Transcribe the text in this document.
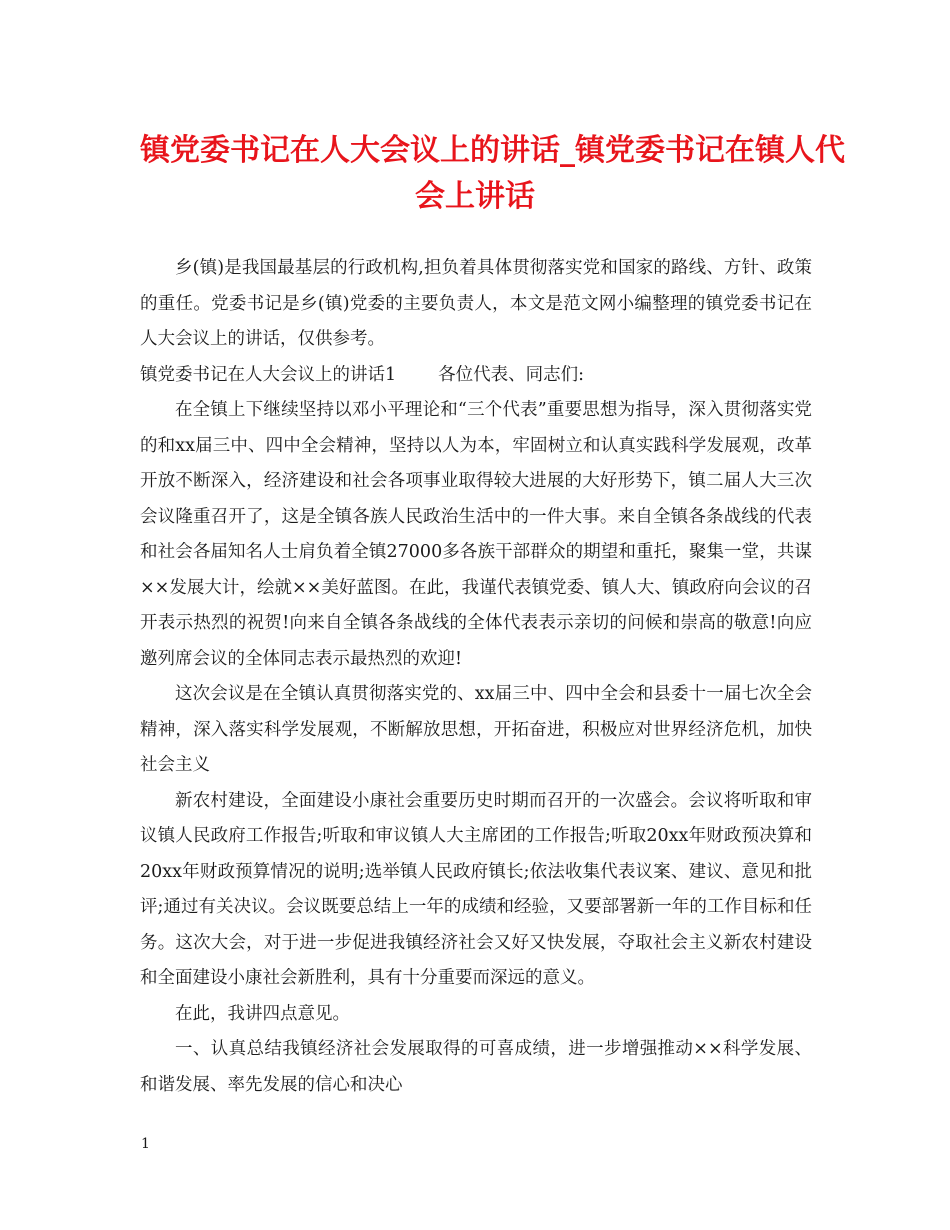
镇党委书记在人大会议上的讲话_镇党委书记在镇人代
会上讲话

乡(镇)是我国最基层的行政机构,担负着具体贯彻落实党和国家的路线、方针、政策的重任。党委书记是乡(镇)党委的主要负责人，本文是范文网小编整理的镇党委书记在人大会议上的讲话，仅供参考。

镇党委书记在人大会议上的讲话1 各位代表、同志们:

在全镇上下继续坚持以邓小平理论和“三个代表”重要思想为指导，深入贯彻落实党的和xx届三中、四中全会精神，坚持以人为本，牢固树立和认真实践科学发展观，改革开放不断深入，经济建设和社会各项事业取得较大进展的大好形势下，镇二届人大三次会议隆重召开了，这是全镇各族人民政治生活中的一件大事。来自全镇各条战线的代表和社会各届知名人士肩负着全镇27000多各族干部群众的期望和重托，聚集一堂，共谋××发展大计，绘就××美好蓝图。在此，我谨代表镇党委、镇人大、镇政府向会议的召开表示热烈的祝贺!向来自全镇各条战线的全体代表表示亲切的问候和崇高的敬意!向应邀列席会议的全体同志表示最热烈的欢迎!

这次会议是在全镇认真贯彻落实党的、xx届三中、四中全会和县委十一届七次全会精神，深入落实科学发展观，不断解放思想，开拓奋进，积极应对世界经济危机，加快社会主义

新农村建设，全面建设小康社会重要历史时期而召开的一次盛会。会议将听取和审议镇人民政府工作报告;听取和审议镇人大主席团的工作报告;听取20xx年财政预决算和20xx年财政预算情况的说明;选举镇人民政府镇长;依法收集代表议案、建议、意见和批评;通过有关决议。会议既要总结上一年的成绩和经验，又要部署新一年的工作目标和任务。这次大会，对于进一步促进我镇经济社会又好又快发展，夺取社会主义新农村建设和全面建设小康社会新胜利，具有十分重要而深远的意义。

在此，我讲四点意见。

一、认真总结我镇经济社会发展取得的可喜成绩，进一步增强推动××科学发展、和谐发展、率先发展的信心和决心

1
